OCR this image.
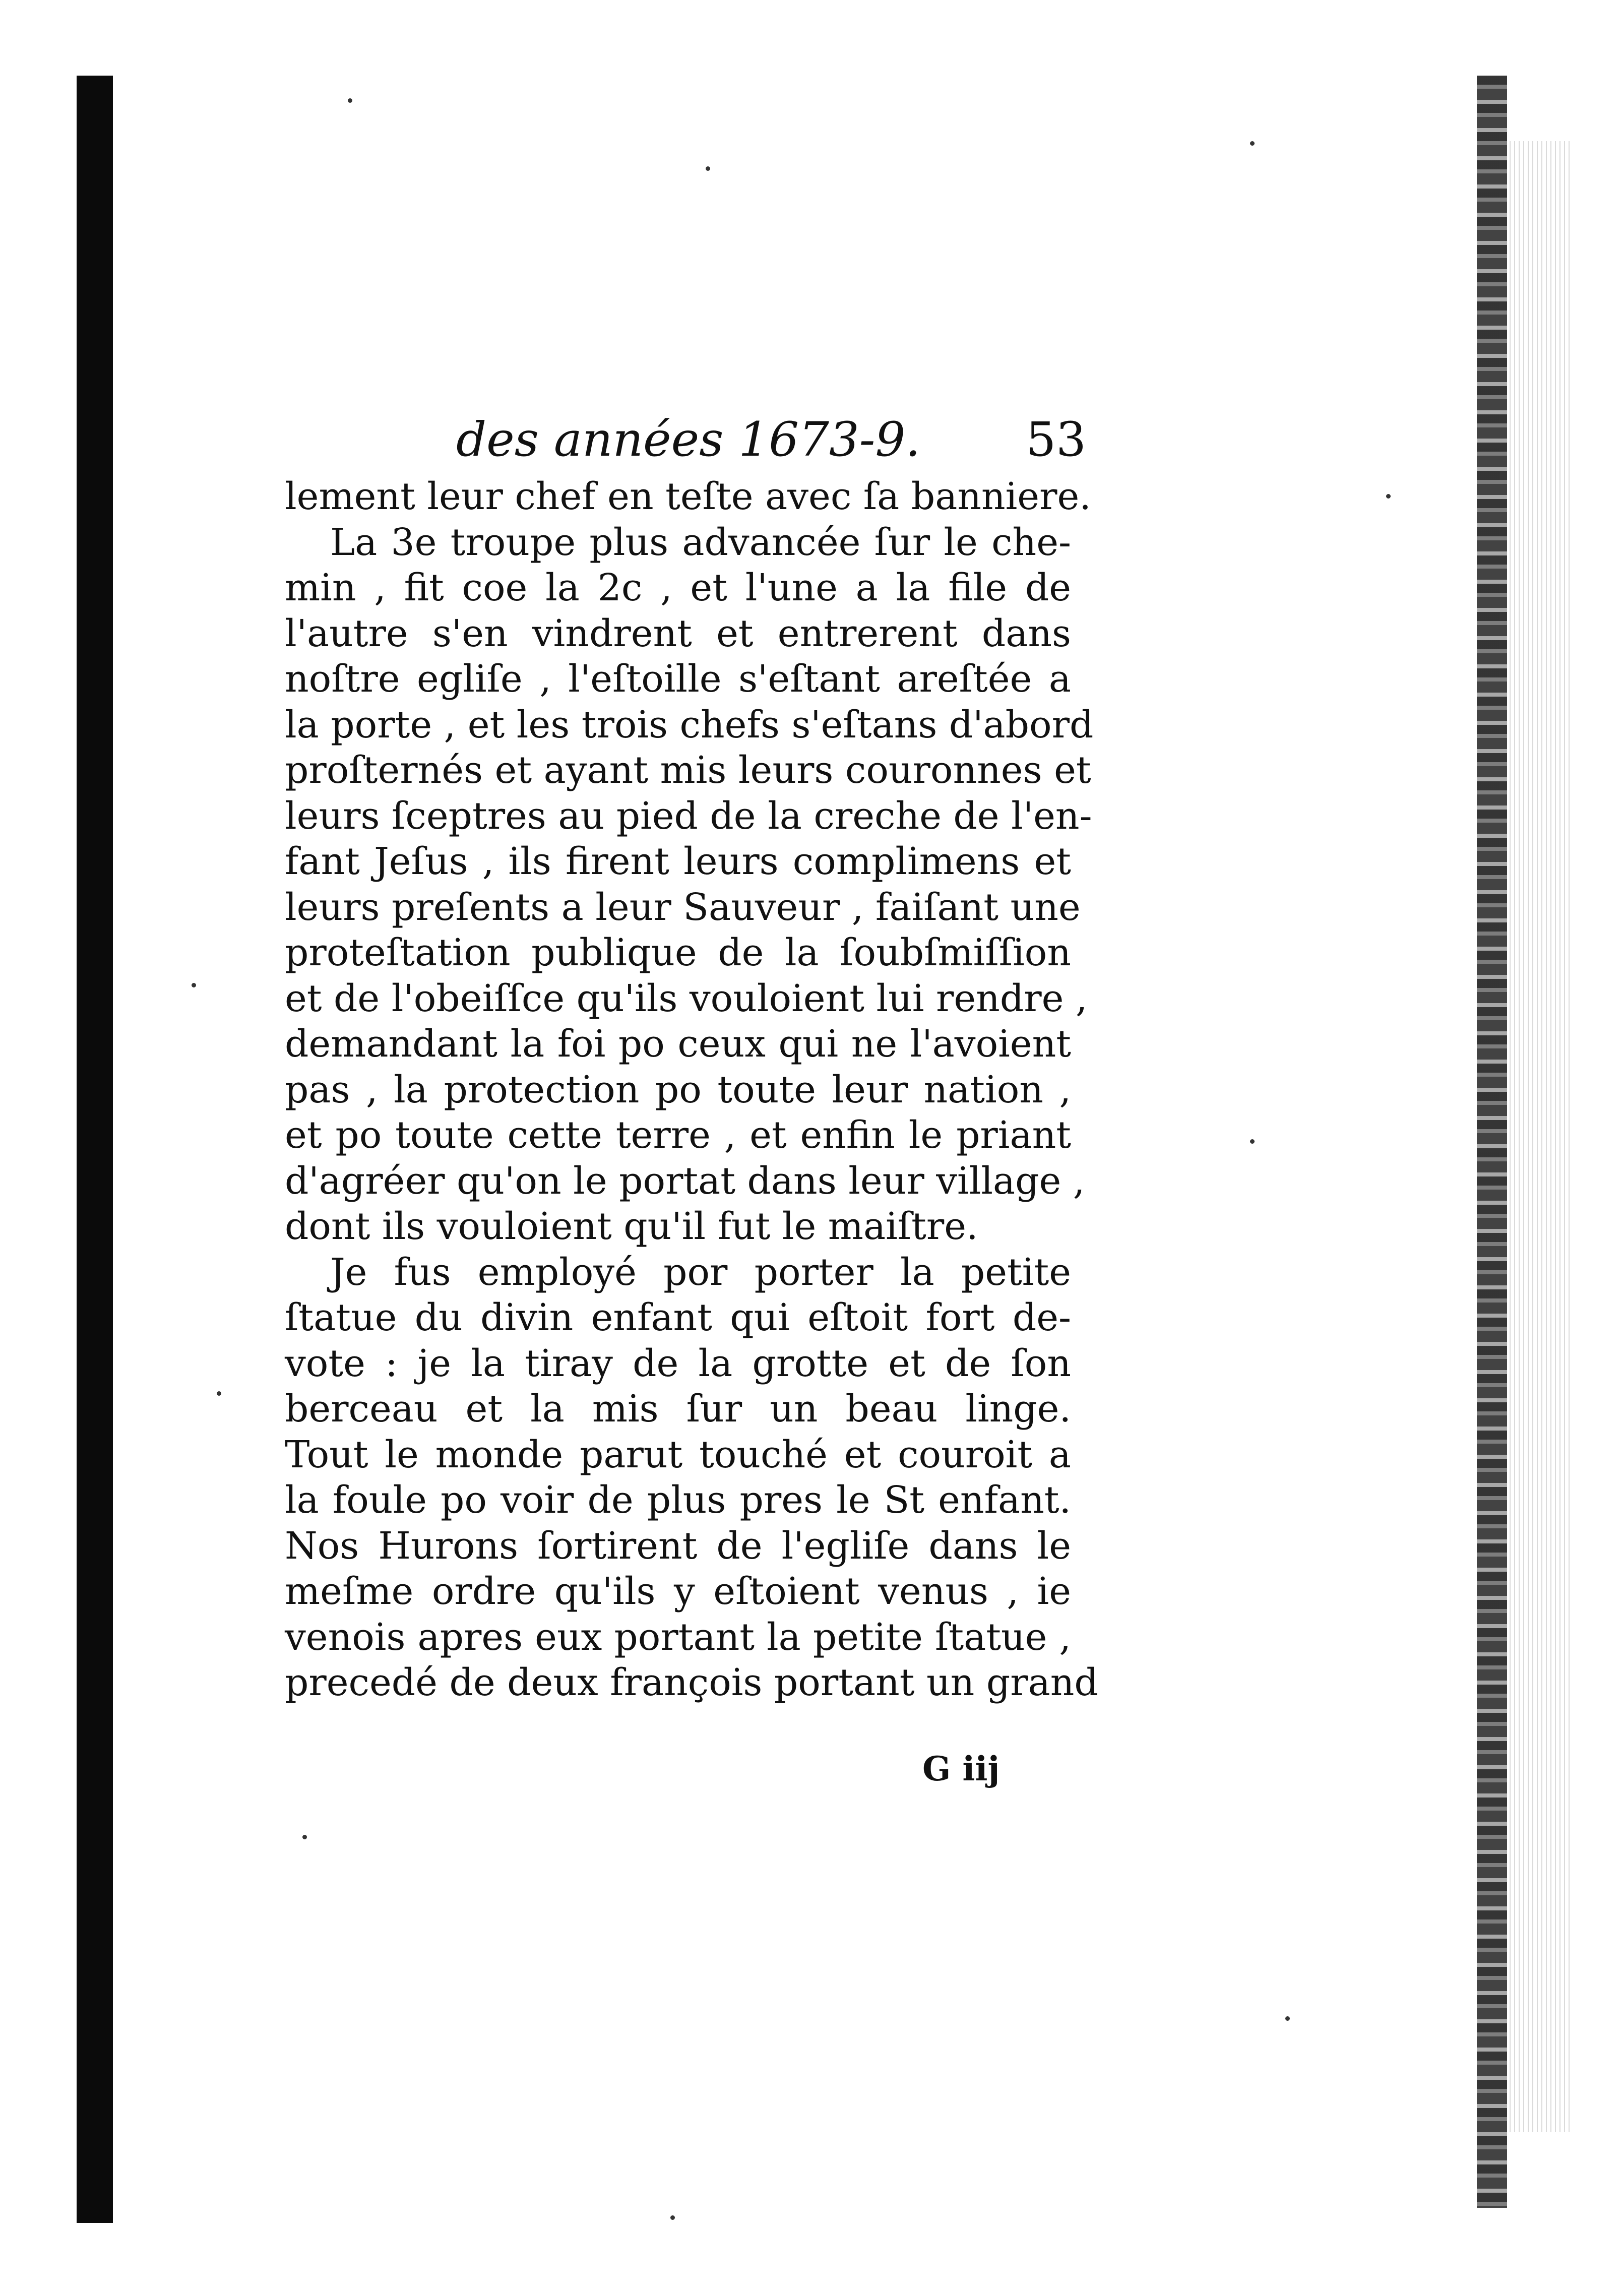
des années 1673-9. 53
lement leur chef en teſte avec ſa banniere.
La 3e troupe plus advancée ſur le che-
min , fit coe la 2c , et l'une a la file de
l'autre s'en vindrent et entrerent dans
noſtre egliſe , l'eſtoille s'eſtant areſtée a
la porte , et les trois chefs s'eſtans d'abord
proſternés et ayant mis leurs couronnes et
leurs ſceptres au pied de la creche de l'en-
fant Jeſus , ils firent leurs complimens et
leurs preſents a leur Sauveur , faiſant une
proteſtation publique de la ſoubſmiſſion
et de l'obeiſſce qu'ils vouloient lui rendre ,
demandant la foi po ceux qui ne l'avoient
pas , la protection po toute leur nation ,
et po toute cette terre , et enfin le priant
d'agréer qu'on le portat dans leur village ,
dont ils vouloient qu'il fut le maiſtre.
Je fus employé por porter la petite
ſtatue du divin enfant qui eſtoit fort de-
vote : je la tiray de la grotte et de ſon
berceau et la mis ſur un beau linge.
Tout le monde parut touché et couroit a
la foule po voir de plus pres le St enfant.
Nos Hurons ſortirent de l'egliſe dans le
meſme ordre qu'ils y eſtoient venus , ie
venois apres eux portant la petite ſtatue ,
precedé de deux françois portant un grand
G iij
